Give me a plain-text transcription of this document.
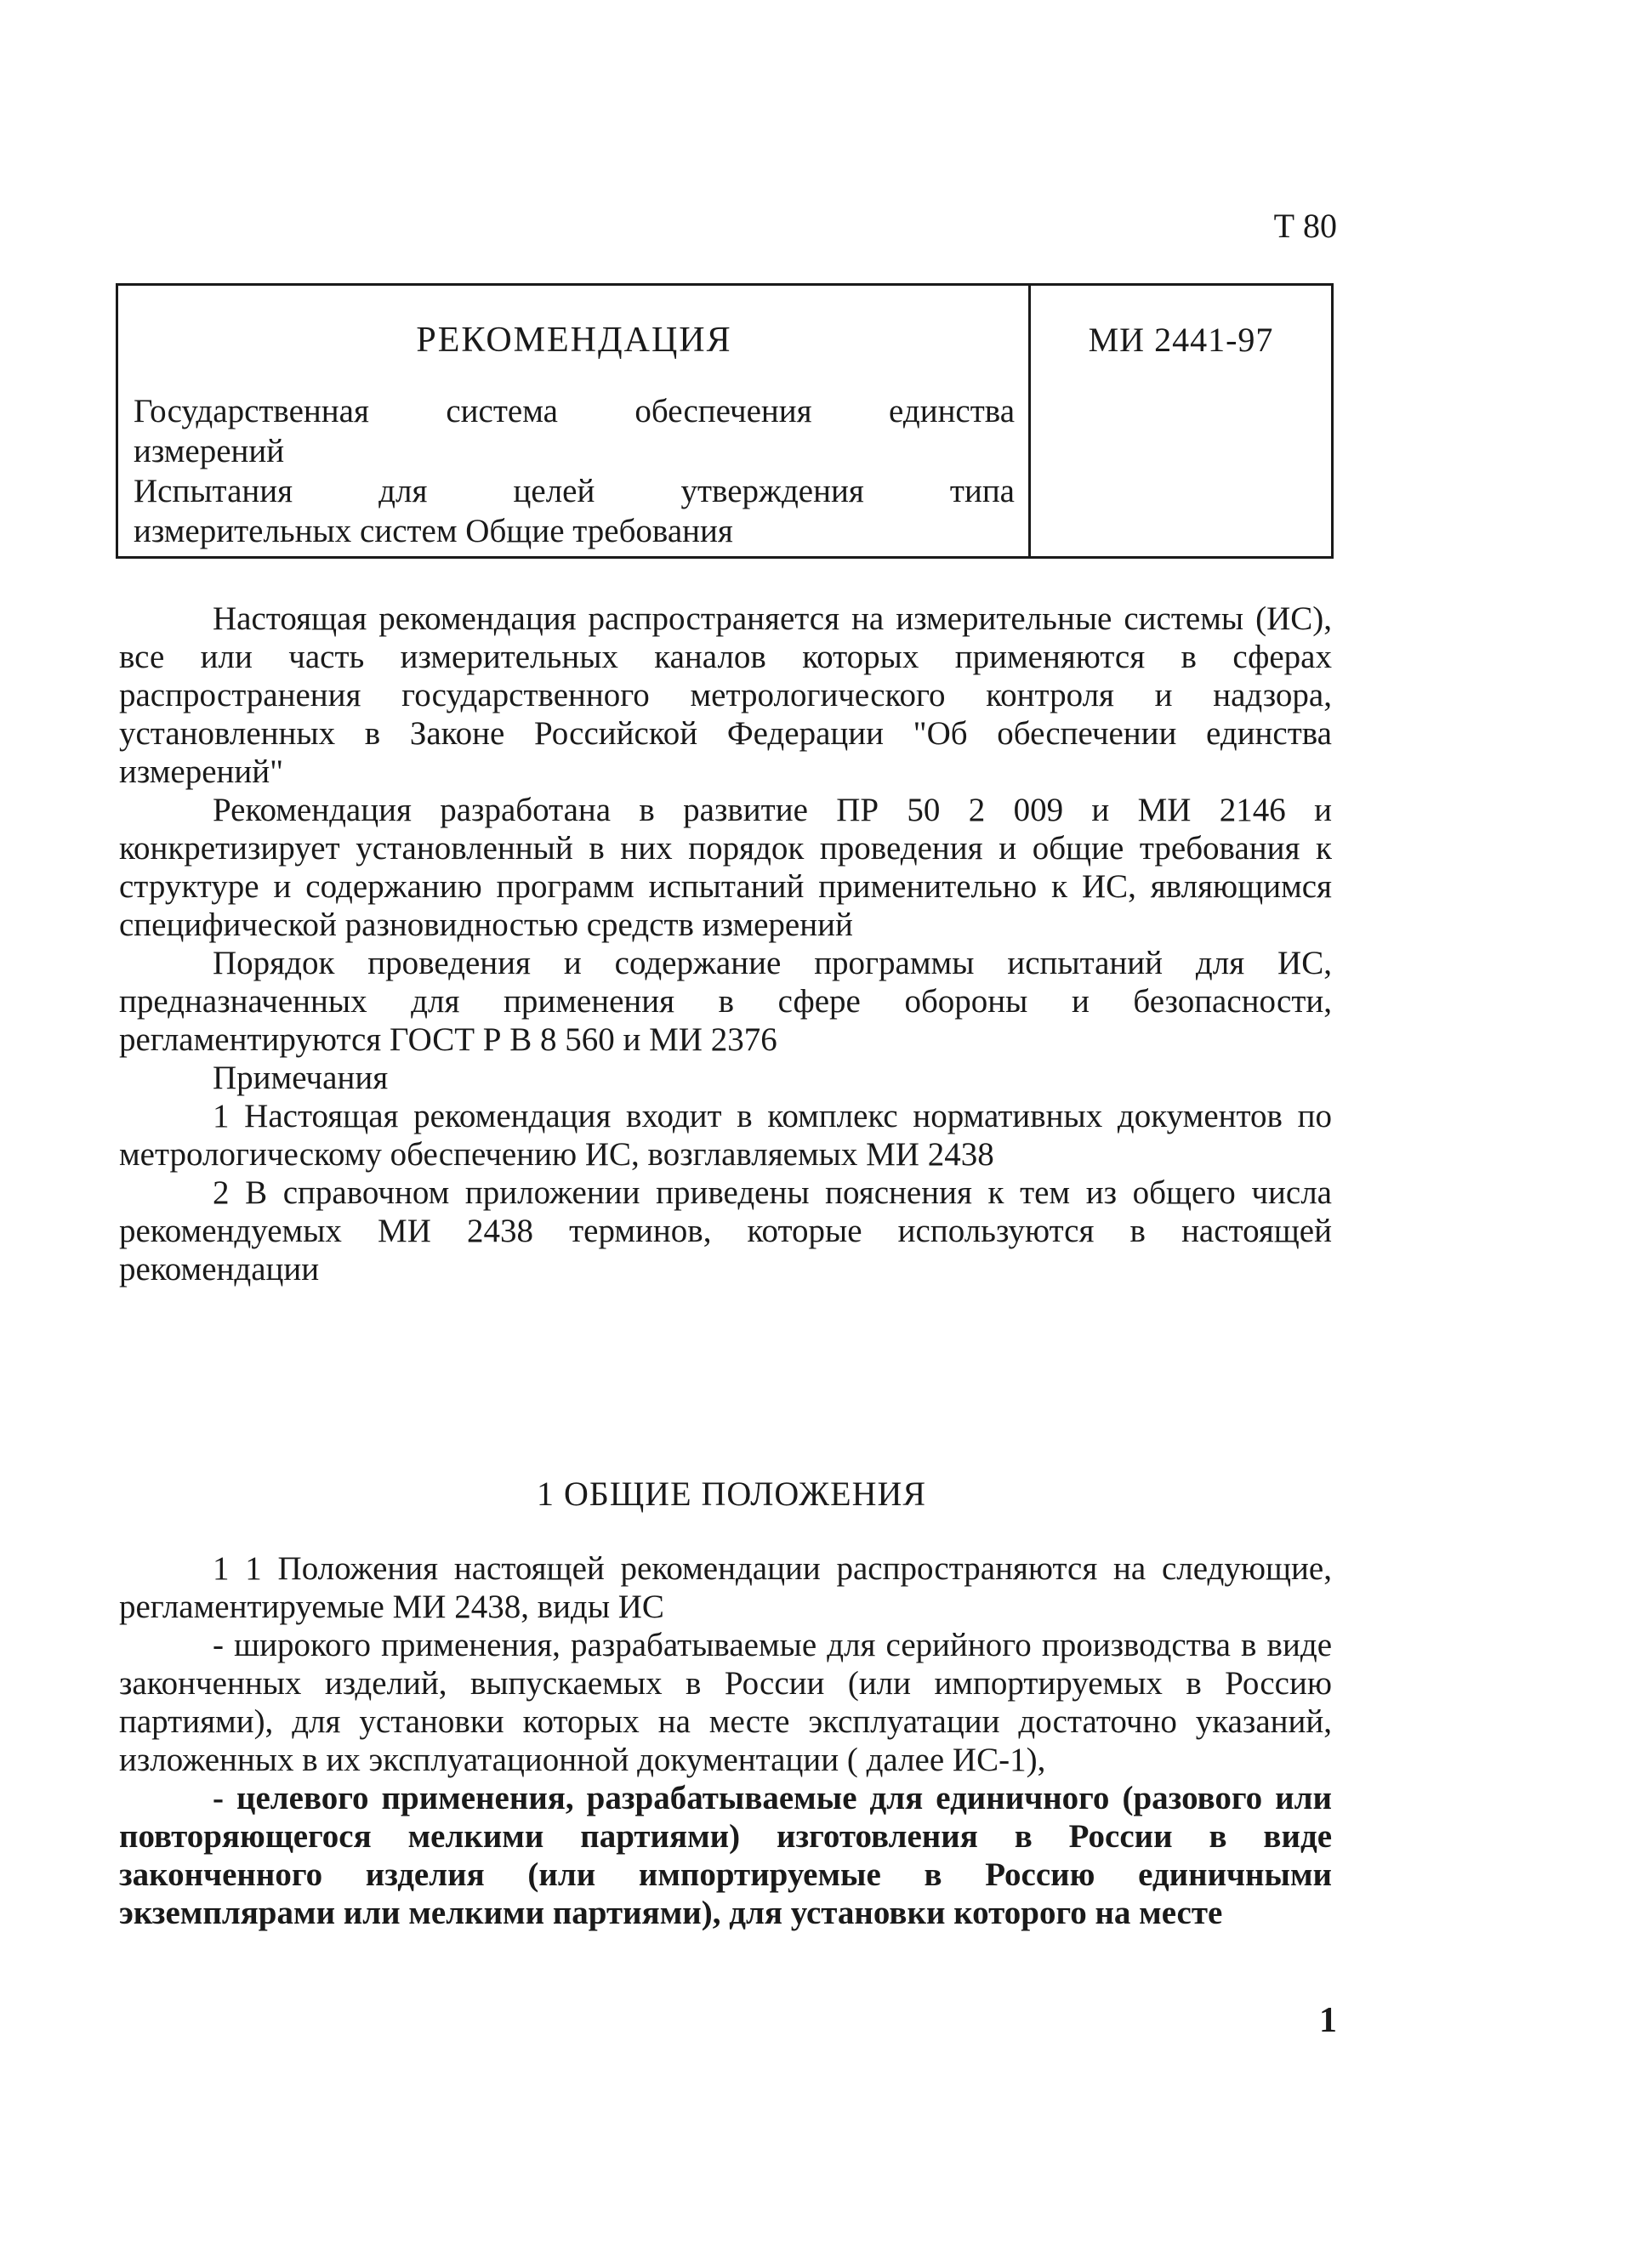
Т 80
РЕКОМЕНДАЦИЯ
Государственная система обеспечения единства
измерений
Испытания для целей утверждения типа
измерительных систем Общие требования
МИ 2441-97

Настоящая рекомендация распространяется на измерительные системы (ИС), все или часть измерительных каналов которых применяются в сферах распространения государственного метрологического контроля и надзора, установленных в Законе Российской Федерации "Об обеспечении единства измерений"

Рекомендация разработана в развитие ПР 50 2 009 и МИ 2146 и конкретизирует установленный в них порядок проведения и общие требования к структуре и содержанию программ испытаний применительно к ИС, являющимся специфической разновидностью средств измерений

Порядок проведения и содержание программы испытаний для ИС, предназначенных для применения в сфере обороны и безопасности, регламентируются ГОСТ Р В 8 560 и МИ 2376

Примечания

1 Настоящая рекомендация входит в комплекс нормативных документов по метрологическому обеспечению ИС, возглавляемых МИ 2438

2 В справочном приложении приведены пояснения к тем из общего числа рекомендуемых МИ 2438 терминов, которые используются в настоящей рекомендации

1 ОБЩИЕ ПОЛОЖЕНИЯ

1 1 Положения настоящей рекомендации распространяются на следующие, регламентируемые МИ 2438, виды ИС

- широкого применения, разрабатываемые для серийного производства в виде законченных изделий, выпускаемых в России (или импортируемых в Россию партиями), для установки которых на месте эксплуатации достаточно указаний, изложенных в их эксплуатационной документации ( далее ИС-1),

- целевого применения, разрабатываемые для единичного (разового или повторяющегося мелкими партиями) изготовления в России в виде законченного изделия (или импортируемые в Россию единичными экземплярами или мелкими партиями), для установки которого на месте

1
